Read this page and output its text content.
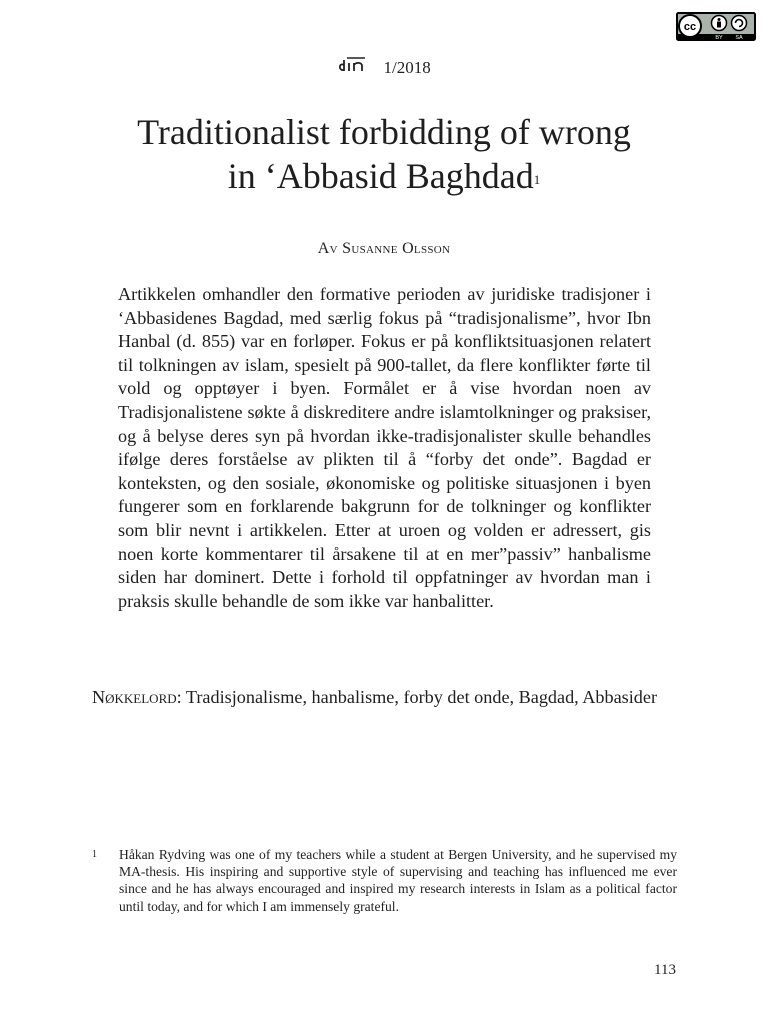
cc
BY SA
1/2018
Traditionalist forbidding of wrong
in ‘Abbasid Baghdad$^1$
Av Susanne Olsson

Artikkelen omhandler den formative perioden av juridiske tradisjoner i ‘Abbasidenes Bagdad, med særlig fokus på “tradisjonalisme”, hvor Ibn Hanbal (d. 855) var en forløper. Fokus er på konfliktsituasjonen relatert til tolkningen av islam, spesielt på 900-tallet, da flere konflikter førte til vold og opptøyer i byen. Formålet er å vise hvordan noen av Tradisjonalistene søkte å diskreditere andre islamtolkninger og praksiser, og å belyse deres syn på hvordan ikke-tradisjonalister skulle behandles ifølge deres forståelse av plikten til å “forby det onde”. Bagdad er konteksten, og den sosiale, økonomiske og politiske situasjonen i byen fungerer som en forklarende bakgrunn for de tolkninger og konflikter som blir nevnt i artikkelen. Etter at uroen og volden er adressert, gis noen korte kommentarer til årsakene til at en mer”passiv” hanbalisme siden har dominert. Dette i forhold til oppfatninger av hvordan man i praksis skulle behandle de som ikke var hanbalitter.

Nøkkelord: Tradisjonalisme, hanbalisme, forby det onde, Bagdad, Abbasider

1 Håkan Rydving was one of my teachers while a student at Bergen University, and he supervised my MA-thesis. His inspiring and supportive style of supervising and teaching has influenced me ever since and he has always encouraged and inspired my research interests in Islam as a political factor until today, and for which I am immensely grateful.

113
